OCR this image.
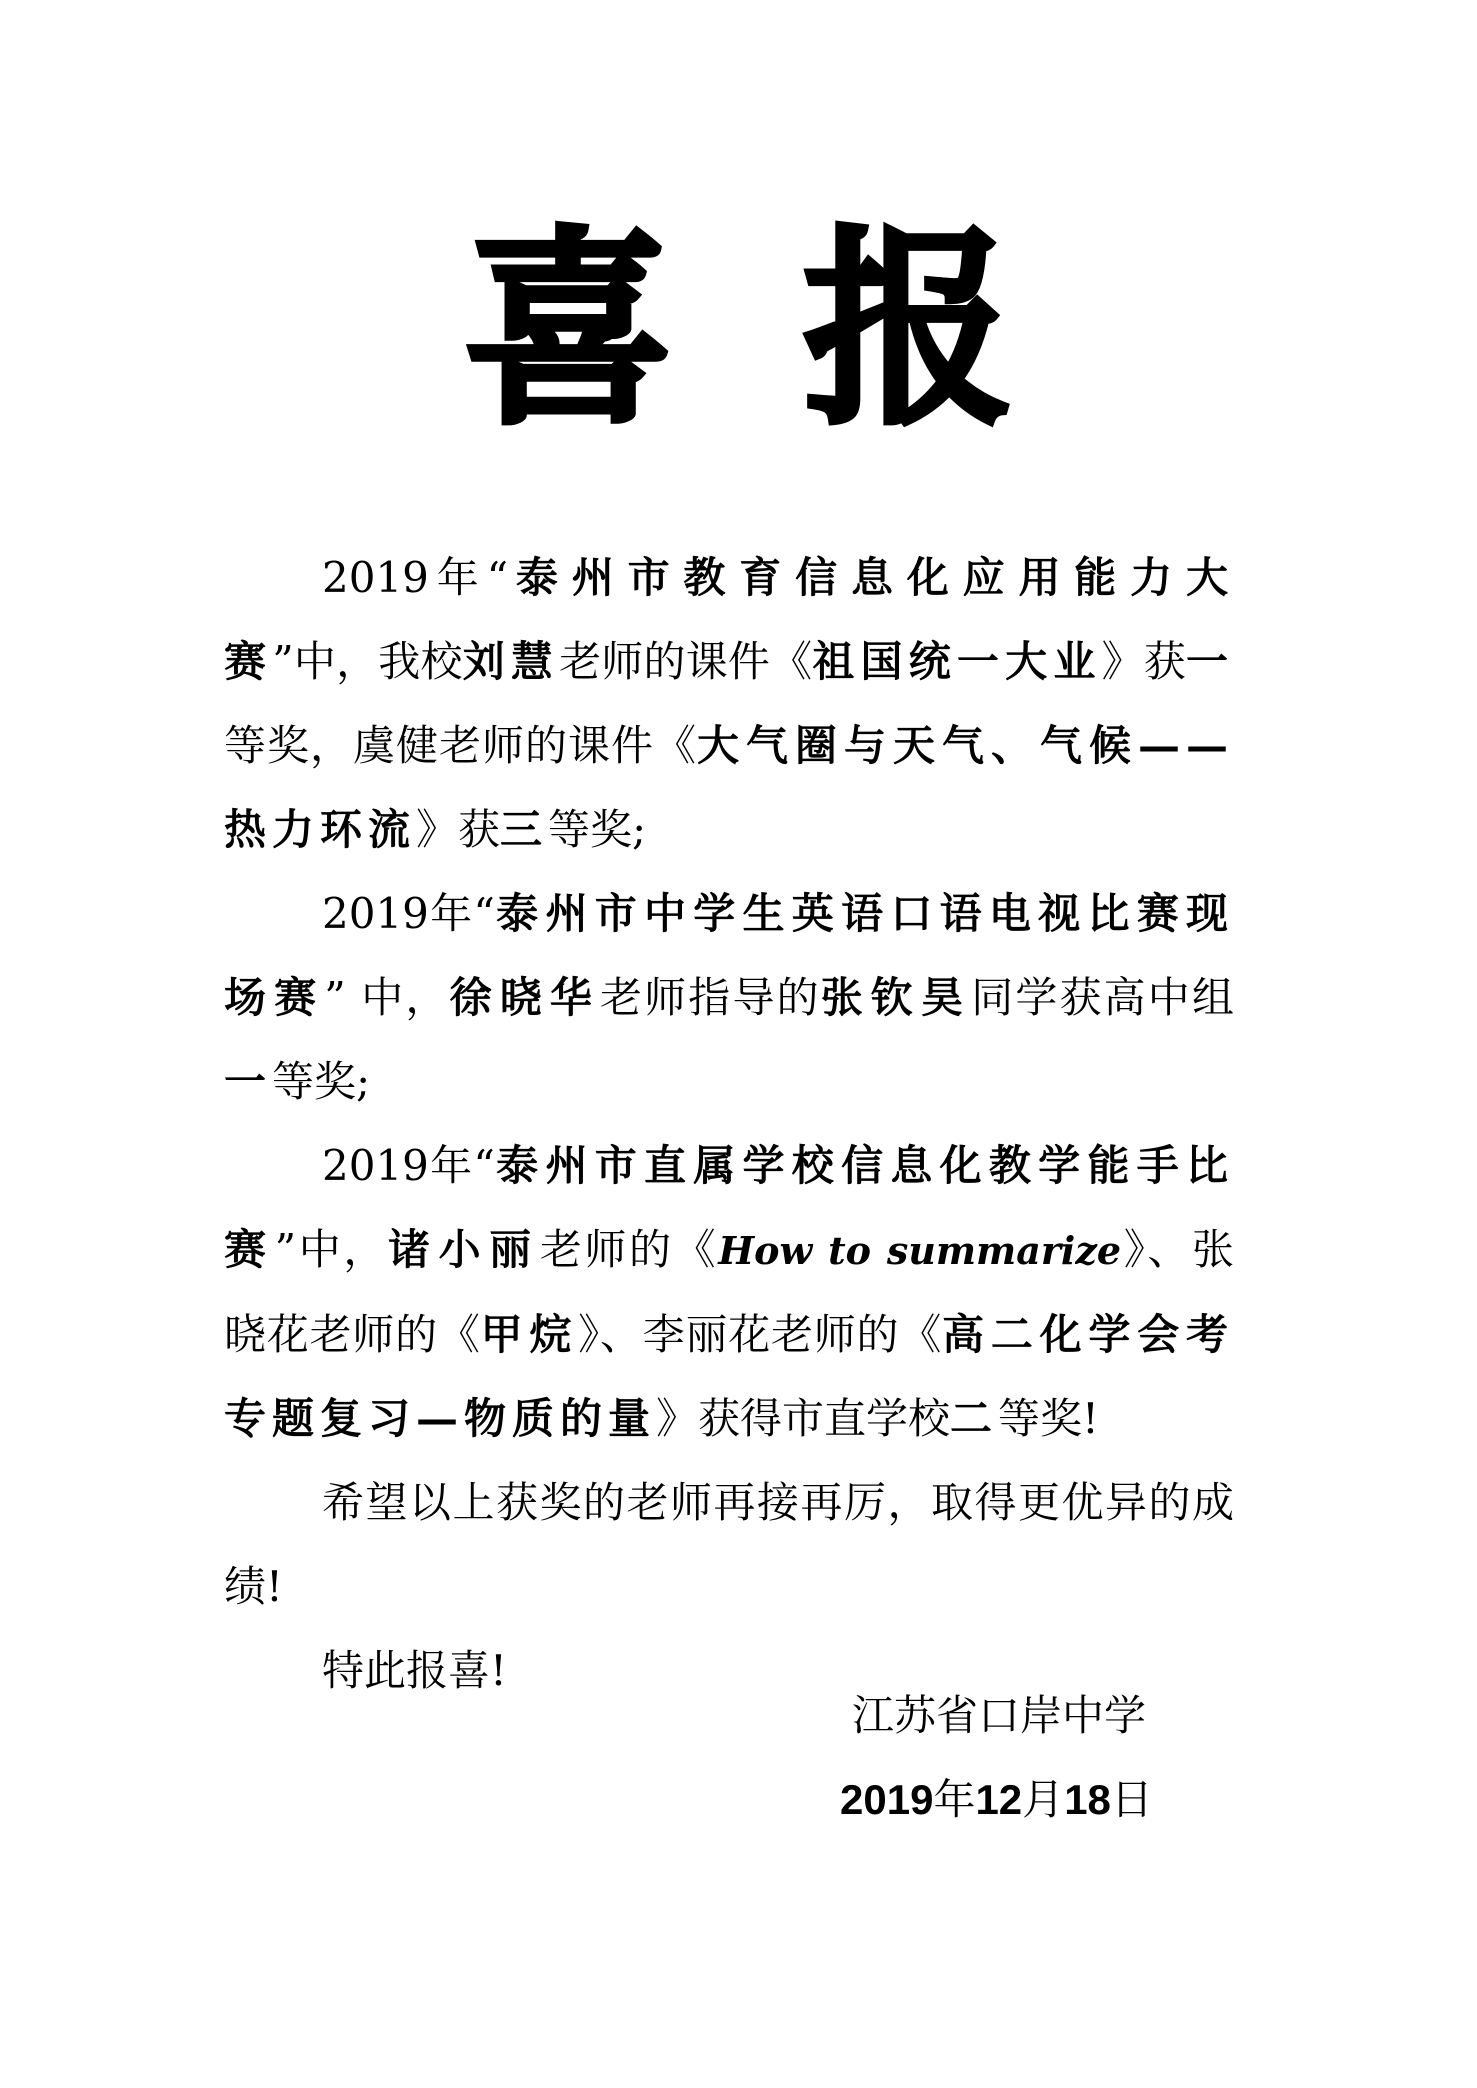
喜 报

2019年“泰州市教育信息化应用能力大赛”中，我校刘慧老师的课件《祖国统一大业》获一等奖，虞健老师的课件《大气圈与天气、气候——热力环流》获三等奖;

2019年“泰州市中学生英语口语电视比赛现场赛” 中，徐晓华老师指导的张钦昊同学获高中组一等奖;

2019年“泰州市直属学校信息化教学能手比赛”中，诸小丽老师的《How to summarize》、张晓花老师的《甲烷》、李丽花老师的《高二化学会考专题复习—物质的量》获得市直学校二等奖!

希望以上获奖的老师再接再厉，取得更优异的成绩!

特此报喜!

江苏省口岸中学
2019年12月18日
